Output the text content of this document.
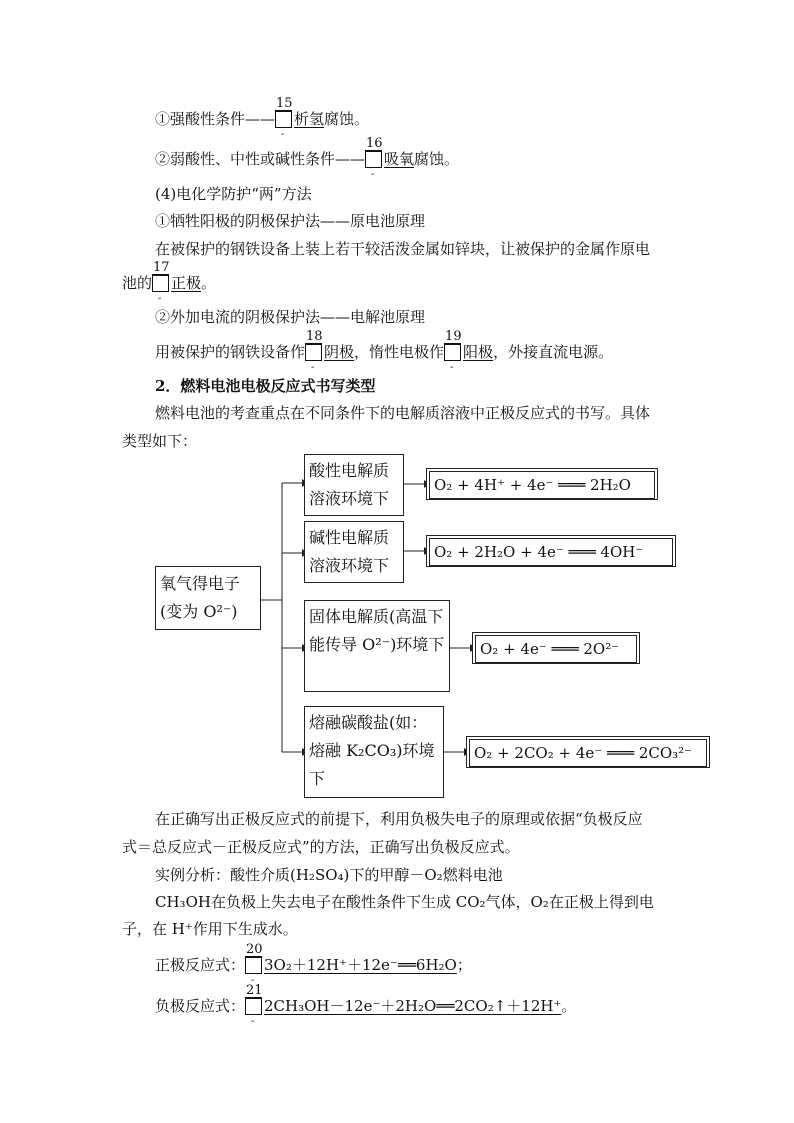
①强酸性条件——
15
-
析氢腐蚀。
②弱酸性、中性或碱性条件——
16
-
吸氧腐蚀。
(4)电化学防护“两”方法
①牺牲阳极的阴极保护法——原电池原理
在被保护的钢铁设备上装上若干较活泼金属如锌块，让被保护的金属作原电
池的
17
-
正极。
②外加电流的阴极保护法——电解池原理
用被保护的钢铁设备作
18
-
阴极，惰性电极作
19
-
阳极，外接直流电源。
2．燃料电池电极反应式书写类型
燃料电池的考查重点在不同条件下的电解质溶液中正极反应式的书写。具体
类型如下：
氧气得电子
(变为 O²⁻)
酸性电解质溶液环境下
O₂ + 4H⁺ + 4e⁻ ═══ 2H₂O
碱性电解质溶液环境下
O₂ + 2H₂O + 4e⁻ ═══ 4OH⁻
固体电解质(高温下能传导 O²⁻)环境下	O₂ + 4e⁻ ═══ 2O²⁻
熔融碳酸盐(如：熔融 K₂CO₃)环境下
O₂ + 2CO₂ + 4e⁻ ═══ 2CO₃²⁻
在正确写出正极反应式的前提下，利用负极失电子的原理或依据“负极反应
式＝总反应式－正极反应式”的方法，正确写出负极反应式。
实例分析：酸性介质(H₂SO₄)下的甲醇－O₂燃料电池
CH₃OH在负极上失去电子在酸性条件下生成 CO₂气体，O₂在正极上得到电
子，在 H⁺作用下生成水。
正极反应式：
20
-
3O₂＋12H⁺＋12e⁻══6H₂O；
负极反应式：
21
-
2CH₃OH－12e⁻＋2H₂O══2CO₂↑＋12H⁺。
